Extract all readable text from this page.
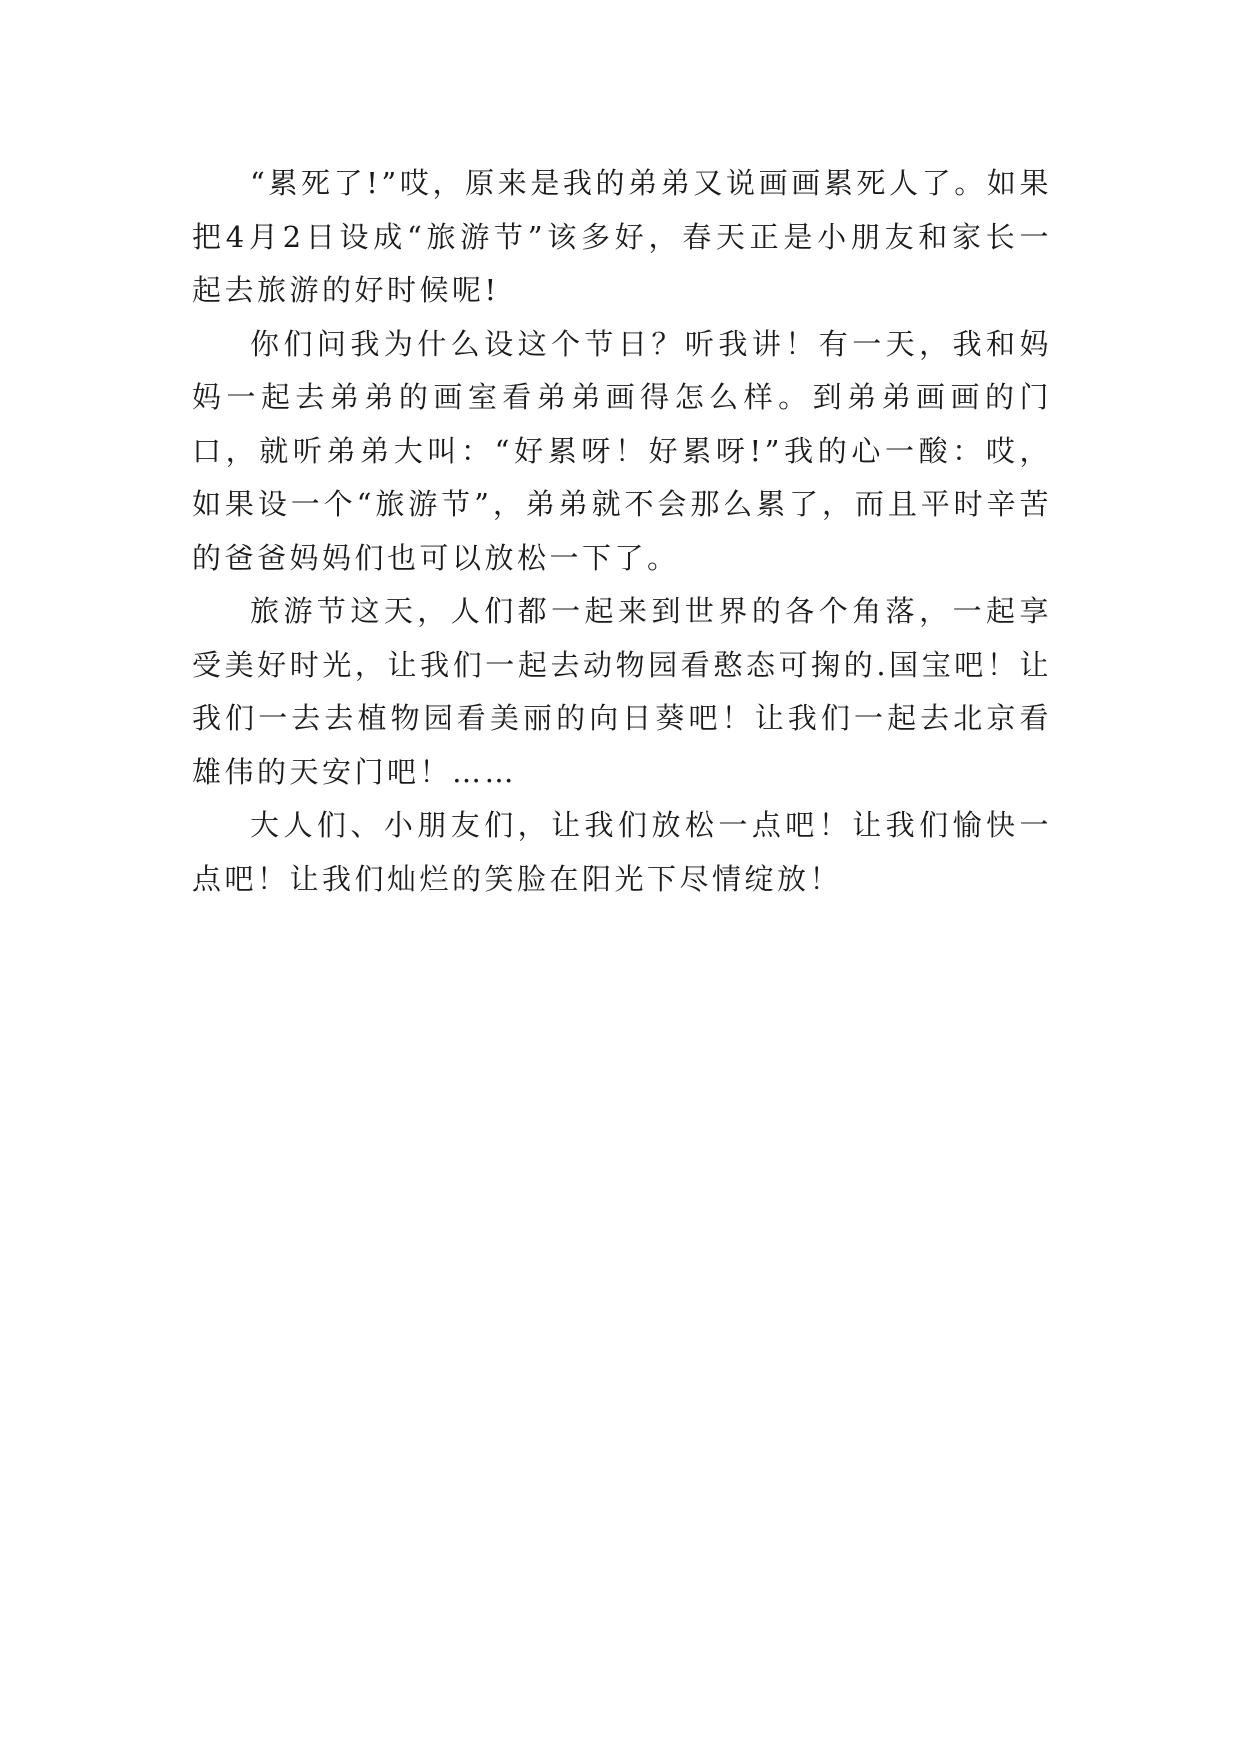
“累死了!”哎，原来是我的弟弟又说画画累死人了。如果把4月2日设成“旅游节”该多好，春天正是小朋友和家长一起去旅游的好时候呢!

你们问我为什么设这个节日？听我讲！有一天，我和妈妈一起去弟弟的画室看弟弟画得怎么样。到弟弟画画的门口，就听弟弟大叫：“好累呀！好累呀!”我的心一酸：哎，如果设一个“旅游节”，弟弟就不会那么累了，而且平时辛苦的爸爸妈妈们也可以放松一下了。

旅游节这天，人们都一起来到世界的各个角落，一起享受美好时光，让我们一起去动物园看憨态可掬的.国宝吧！让我们一去去植物园看美丽的向日葵吧！让我们一起去北京看雄伟的天安门吧！……

大人们、小朋友们，让我们放松一点吧！让我们愉快一点吧！让我们灿烂的笑脸在阳光下尽情绽放！
